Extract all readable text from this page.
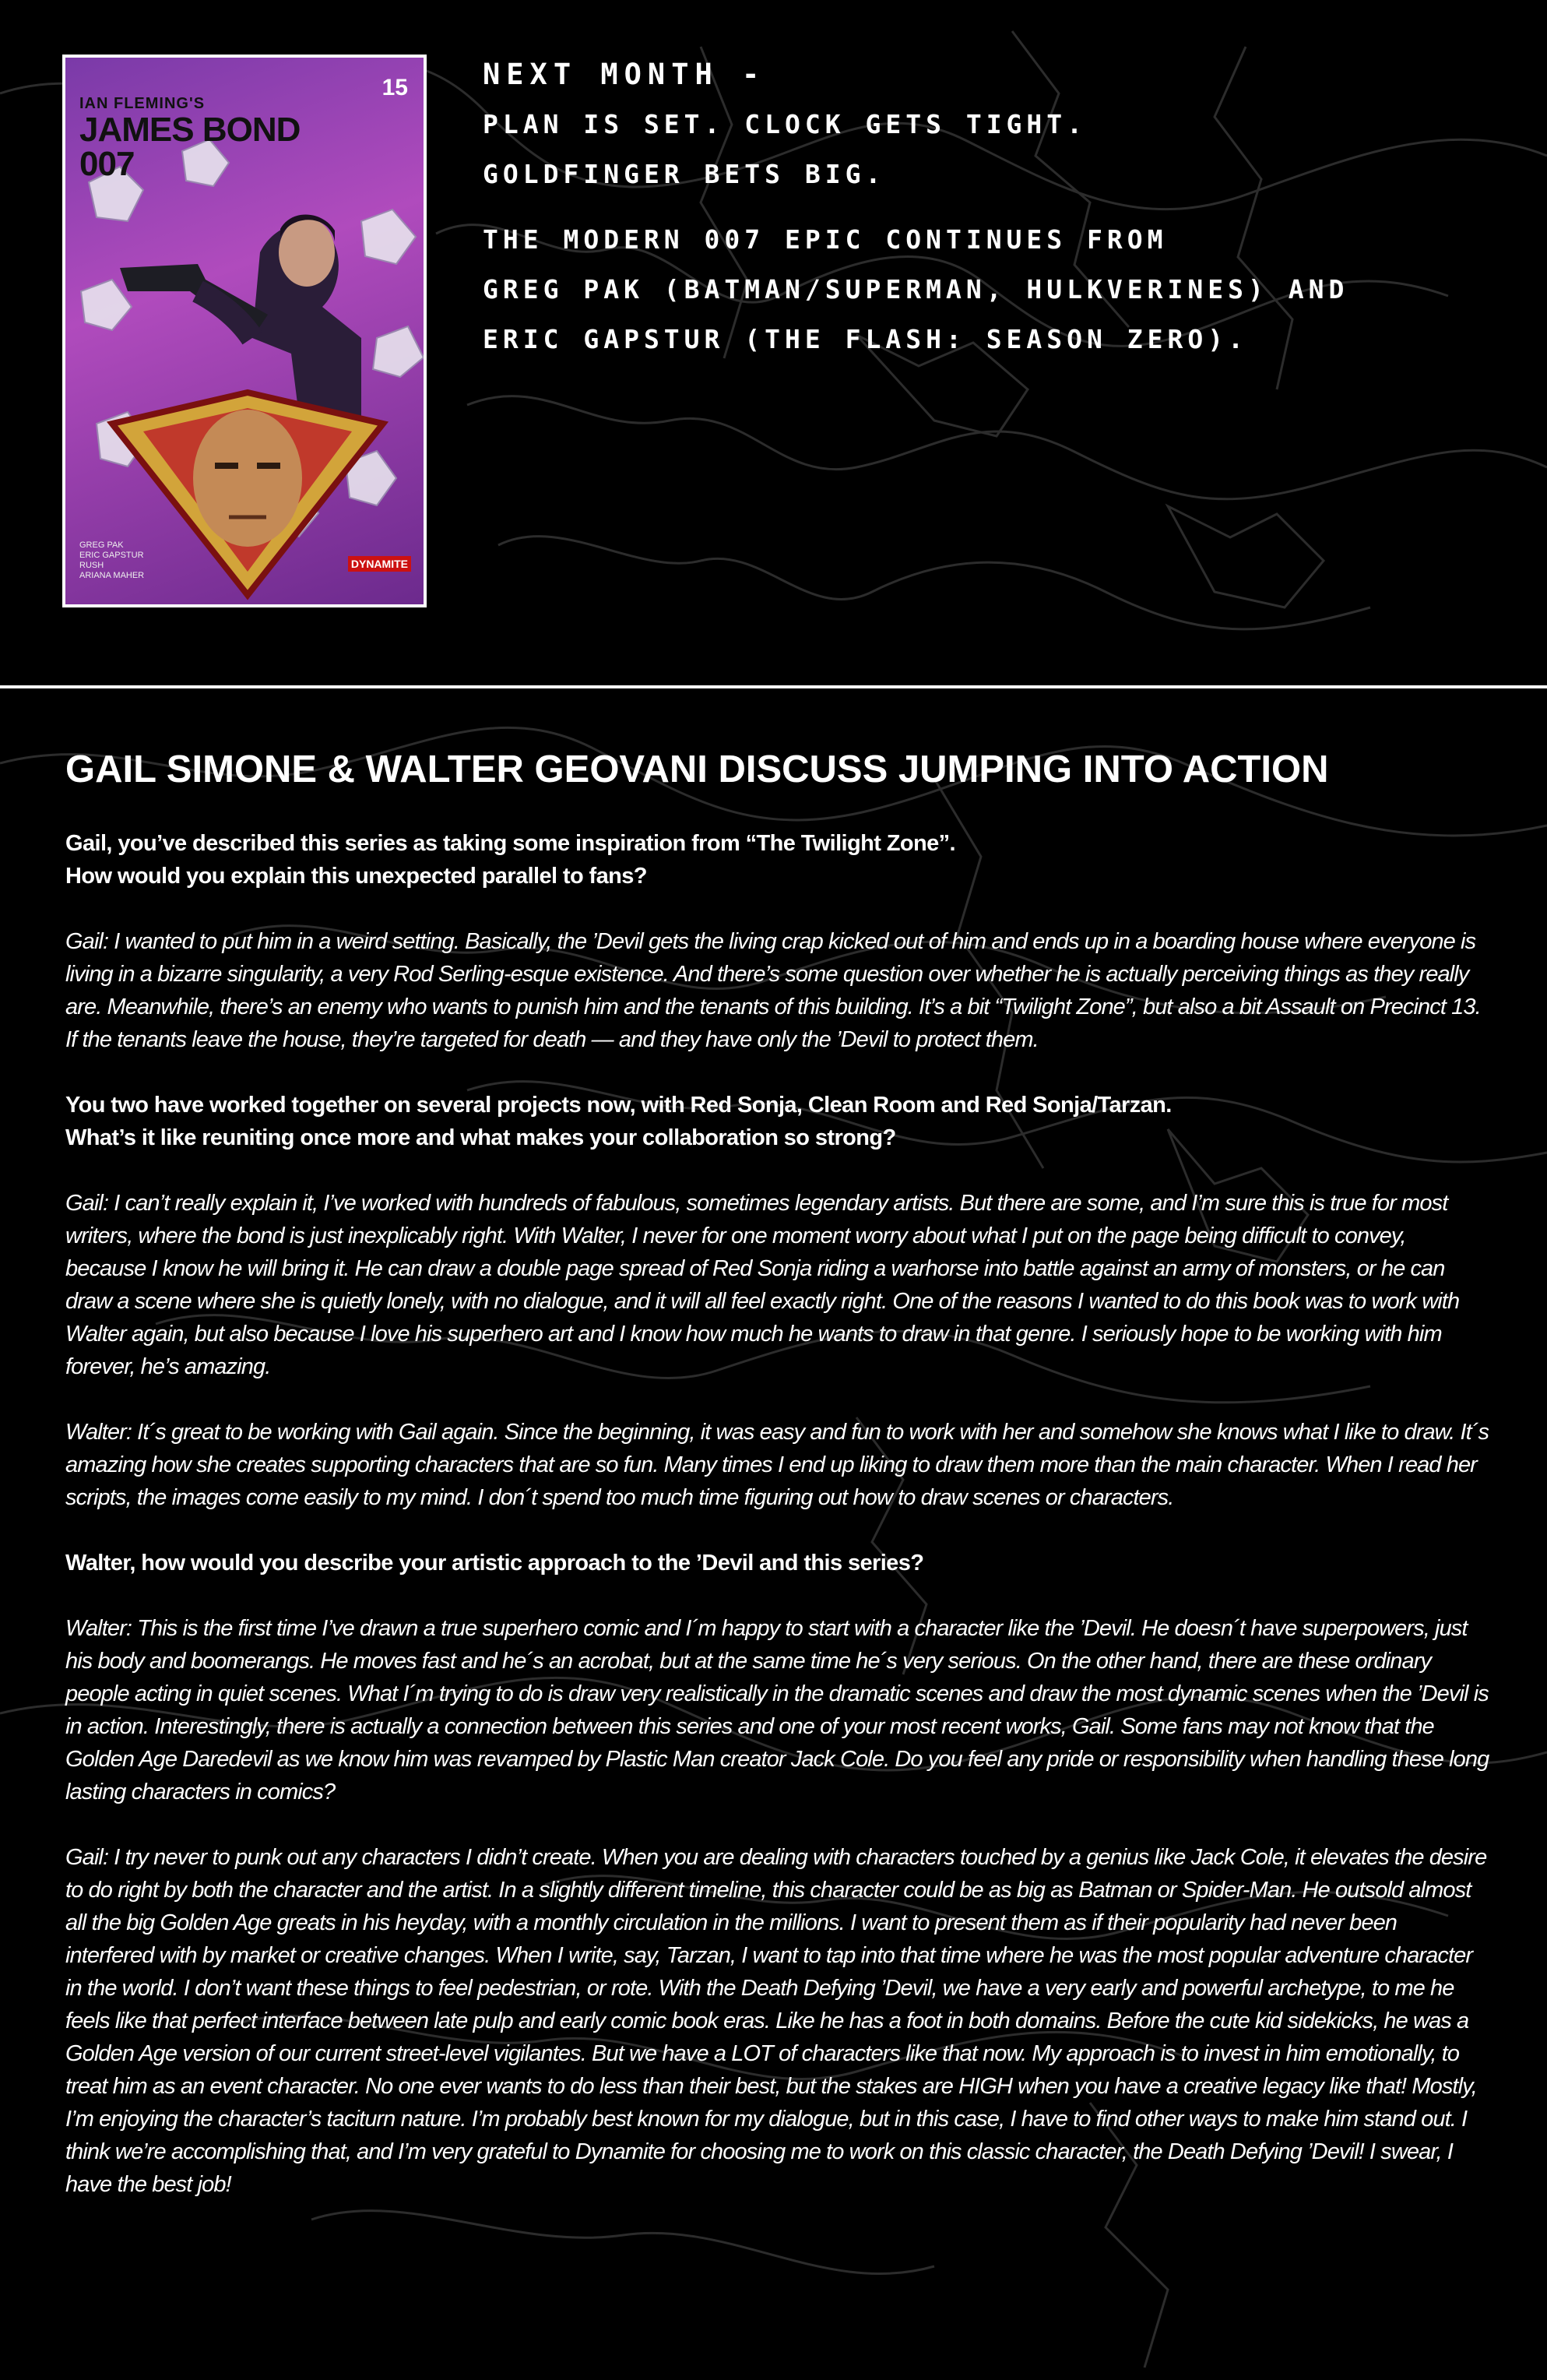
IAN FLEMING'S
JAMES BOND 007
15
DYNAMITE
GREG PAK
ERIC GAPSTUR
RUSH
ARIANA MAHER
NEXT MONTH -
PLAN IS SET. CLOCK GETS TIGHT.
GOLDFINGER BETS BIG.
THE MODERN 007 EPIC CONTINUES FROM
GREG PAK (BATMAN/SUPERMAN, HULKVERINES) AND
ERIC GAPSTUR (THE FLASH: SEASON ZERO).
GAIL SIMONE & WALTER GEOVANI DISCUSS JUMPING INTO ACTION
Gail, you’ve described this series as taking some inspiration from “The Twilight Zone”.
How would you explain this unexpected parallel to fans?

Gail: I wanted to put him in a weird setting. Basically, the ’Devil gets the living crap kicked out of him and ends up in a boarding house where everyone is living in a bizarre singularity, a very Rod Serling-esque existence. And there’s some question over whether he is actually perceiving things as they really are. Meanwhile, there’s an enemy who wants to punish him and the tenants of this building. It’s a bit “Twilight Zone”, but also a bit Assault on Precinct 13. If the tenants leave the house, they’re targeted for death — and they have only the ’Devil to protect them.

You two have worked together on several projects now, with Red Sonja, Clean Room and Red Sonja/Tarzan.
What’s it like reuniting once more and what makes your collaboration so strong?

Gail: I can’t really explain it, I’ve worked with hundreds of fabulous, sometimes legendary artists. But there are some, and I’m sure this is true for most writers, where the bond is just inexplicably right. With Walter, I never for one moment worry about what I put on the page being difficult to convey, because I know he will bring it. He can draw a double page spread of Red Sonja riding a warhorse into battle against an army of monsters, or he can draw a scene where she is quietly lonely, with no dialogue, and it will all feel exactly right. One of the reasons I wanted to do this book was to work with Walter again, but also because I love his superhero art and I know how much he wants to draw in that genre. I seriously hope to be working with him forever, he’s amazing.

Walter: It´s great to be working with Gail again. Since the beginning, it was easy and fun to work with her and somehow she knows what I like to draw. It´s amazing how she creates supporting characters that are so fun. Many times I end up liking to draw them more than the main character. When I read her scripts, the images come easily to my mind. I don´t spend too much time figuring out how to draw scenes or characters.

Walter, how would you describe your artistic approach to the ’Devil and this series?

Walter: This is the first time I’ve drawn a true superhero comic and I´m happy to start with a character like the ’Devil. He doesn´t have superpowers, just his body and boomerangs. He moves fast and he´s an acrobat, but at the same time he´s very serious. On the other hand, there are these ordinary people acting in quiet scenes. What I´m trying to do is draw very realistically in the dramatic scenes and draw the most dynamic scenes when the ’Devil is in action. Interestingly, there is actually a connection between this series and one of your most recent works, Gail. Some fans may not know that the Golden Age Daredevil as we know him was revamped by Plastic Man creator Jack Cole. Do you feel any pride or responsibility when handling these long lasting characters in comics?

Gail: I try never to punk out any characters I didn’t create. When you are dealing with characters touched by a genius like Jack Cole, it elevates the desire to do right by both the character and the artist. In a slightly different timeline, this character could be as big as Batman or Spider-Man. He outsold almost all the big Golden Age greats in his heyday, with a monthly circulation in the millions. I want to present them as if their popularity had never been interfered with by market or creative changes. When I write, say, Tarzan, I want to tap into that time where he was the most popular adventure character in the world. I don’t want these things to feel pedestrian, or rote. With the Death Defying ’Devil, we have a very early and powerful archetype, to me he feels like that perfect interface between late pulp and early comic book eras. Like he has a foot in both domains. Before the cute kid sidekicks, he was a Golden Age version of our current street-level vigilantes. But we have a LOT of characters like that now. My approach is to invest in him emotionally, to treat him as an event character. No one ever wants to do less than their best, but the stakes are HIGH when you have a creative legacy like that! Mostly, I’m enjoying the character’s taciturn nature. I’m probably best known for my dialogue, but in this case, I have to find other ways to make him stand out. I think we’re accomplishing that, and I’m very grateful to Dynamite for choosing me to work on this classic character, the Death Defying ’Devil! I swear, I have the best job!
